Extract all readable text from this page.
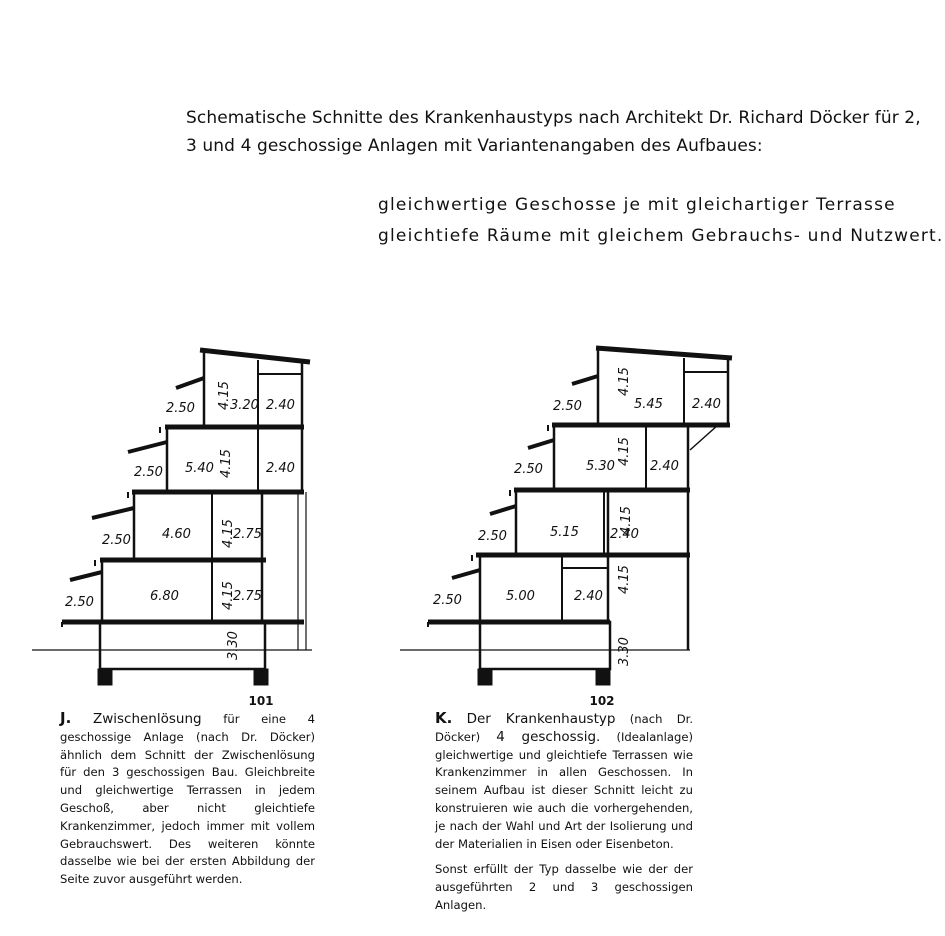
Schematische Schnitte des Krankenhaustyps nach Architekt Dr. Richard Döcker für 2, 3 und 4 geschossige Anlagen mit Variantenangaben des Aufbaues:
gleichwertige Geschosse je mit gleichartiger Terrasse
gleichtiefe Räume mit gleichem Gebrauchs- und Nutzwert.
2.50
2.50
2.50
2.50
6.80
4.60
5.40
3.20
2.75
2.75
2.40
2.40
4.15
4.15
4.15
4.15
3.30
2.50
2.50
2.50
2.50
5.00
5.15
5.30
5.45
2.40
2.40
2.40
2.40
4.15
4.15
4.15
4.15
3.30
101	102
J. Zwischenlösung für eine 4 geschossige Anlage (nach Dr. Döcker) ähnlich dem Schnitt der Zwischenlösung für den 3 geschossigen Bau. Gleichbreite und gleichwertige Terrassen in jedem Geschoß, aber nicht gleichtiefe Krankenzimmer, jedoch immer mit vollem Gebrauchswert. Des weiteren könnte dasselbe wie bei der ersten Abbildung der Seite zuvor ausgeführt werden.
K. Der Krankenhaustyp (nach Dr. Döcker) 4 geschossig. (Idealanlage) gleichwertige und gleichtiefe Terrassen wie Krankenzimmer in allen Geschossen. In seinem Aufbau ist dieser Schnitt leicht zu konstruieren wie auch die vorhergehenden, je nach der Wahl und Art der Isolierung und der Materialien in Eisen oder Eisenbeton.
Sonst erfüllt der Typ dasselbe wie der der ausgeführten 2 und 3 geschossigen Anlagen.
